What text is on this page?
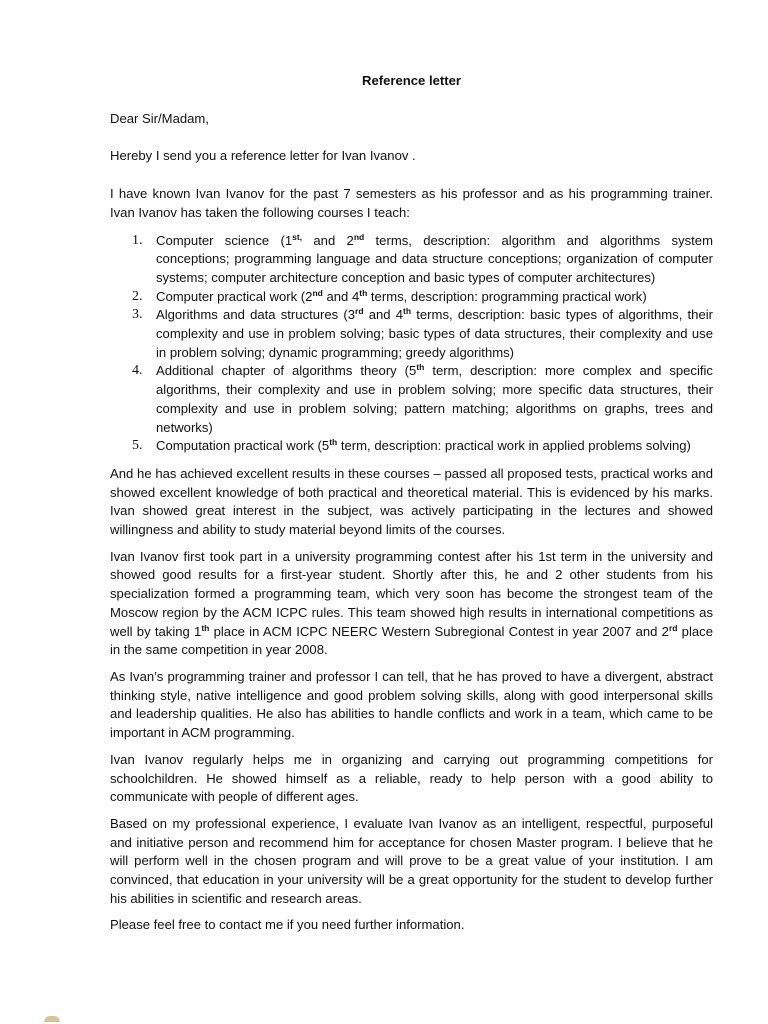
Reference letter

Dear Sir/Madam,

Hereby I send you a reference letter for Ivan Ivanov .

I have known Ivan Ivanov for the past 7 semesters as his professor and as his programming trainer. Ivan Ivanov has taken the following courses I teach:

1. Computer science ($1^{st,}$ and 2nd terms, description: algorithm and algorithms system conceptions; programming language and data structure conceptions; organization of computer systems; computer architecture conception and basic types of computer architectures)
2. Computer practical work (2nd and 4th terms, description: programming practical work)
3. Algorithms and data structures (3rd and 4th terms, description: basic types of algorithms, their complexity and use in problem solving; basic types of data structures, their complexity and use in problem solving; dynamic programming; greedy algorithms)
4. Additional chapter of algorithms theory (5th term, description: more complex and specific algorithms, their complexity and use in problem solving; more specific data structures, their complexity and use in problem solving; pattern matching; algorithms on graphs, trees and networks)
5. Computation practical work (5th term, description: practical work in applied problems solving)

And he has achieved excellent results in these courses – passed all proposed tests, practical works and showed excellent knowledge of both practical and theoretical material. This is evidenced by his marks. Ivan showed great interest in the subject, was actively participating in the lectures and showed willingness and ability to study material beyond limits of the courses.

Ivan Ivanov first took part in a university programming contest after his 1st term in the university and showed good results for a first-year student. Shortly after this, he and 2 other students from his specialization formed a programming team, which very soon has become the strongest team of the Moscow region by the ACM ICPC rules. This team showed high results in international competitions as well by taking 1th place in ACM ICPC NEERC Western Subregional Contest in year 2007 and 2rd place in the same competition in year 2008.

As Ivan’s programming trainer and professor I can tell, that he has proved to have a divergent, abstract thinking style, native intelligence and good problem solving skills, along with good interpersonal skills and leadership qualities. He also has abilities to handle conflicts and work in a team, which came to be important in ACM programming.

Ivan Ivanov regularly helps me in organizing and carrying out programming competitions for schoolchildren. He showed himself as a reliable, ready to help person with a good ability to communicate with people of different ages.

Based on my professional experience, I evaluate Ivan Ivanov as an intelligent, respectful, purposeful and initiative person and recommend him for acceptance for chosen Master program. I believe that he will perform well in the chosen program and will prove to be a great value of your institution. I am convinced, that education in your university will be a great opportunity for the student to develop further his abilities in scientific and research areas.

Please feel free to contact me if you need further information.
